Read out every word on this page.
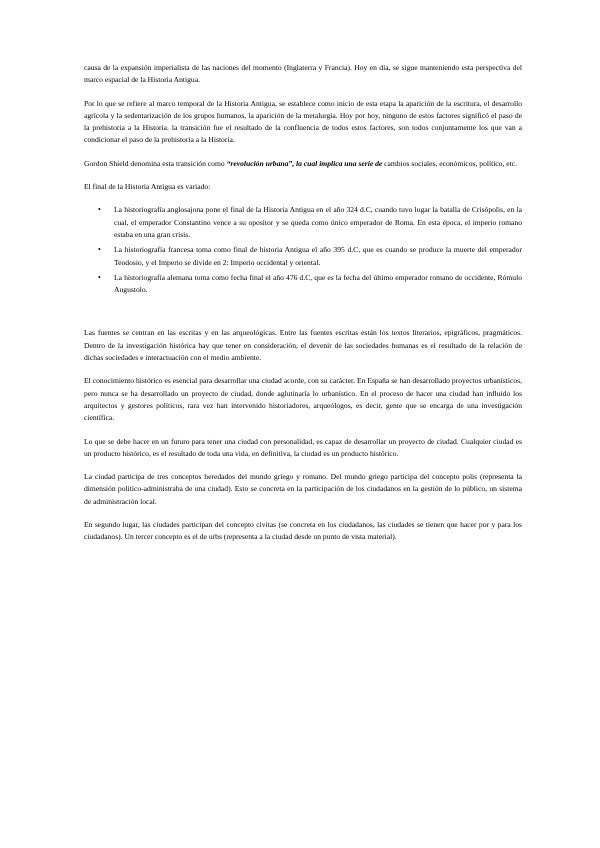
causa de la expansión imperialista de las naciones del momento (Inglaterra y Francia). Hoy en día, se sigue manteniendo esta perspectiva del marco espacial de la Historia Antigua.

Por lo que se refiere al marco temporal de la Historia Antigua, se establece como inicio de esta etapa la aparición de la escritura, el desarrollo agrícola y la sedentarización de los grupos humanos, la aparición de la metalurgia. Hoy por hoy, ninguno de estos factores significó el paso de la prehistoria a la Historia. la transición fue el resultado de la confluencia de todos estos factores, son todos conjuntamente los que van a condicionar el paso de la prehistoria a la Historia.

Gordon Shield denomina esta transición como “revolución urbana”, la cual implica una serie de cambios sociales, económicos, político, etc.

El final de la Historia Antigua es variado:

• La historiografía anglosajona pone el final de la Historia Antigua en el año 324 d.C, cuando tuvo lugar la batalla de Crisópolis, en la cual, el emperador Constantino vence a su opositor y se queda como único emperador de Roma. En esta época, el imperio romano estaba en una gran crisis.
• La historiografía francesa toma como final de historia Antigua el año 395 d.C, que es cuando se produce la muerte del emperador Teodosio, y el Imperio se divide en 2: Imperio occidental y oriental.
• La historiografía alemana toma como fecha final el año 476 d.C, que es la fecha del último emperador romano de occidente, Rómulo Augustolo.

Las fuentes se centran en las escritas y en las arqueológicas. Entre las fuentes escritas están los textos literarios, epigráficos, pragmáticos. Dentro de la investigación histórica hay que tener en consideración, el devenir de las sociedades humanas es el resultado de la relación de dichas sociedades e interactuación con el medio ambiente.

El conocimiento histórico es esencial para desarrollar una ciudad acorde, con su carácter. En España se han desarrollado proyectos urbanísticos, pero nunca se ha desarrollado un proyecto de ciudad, donde aglutinaría lo urbanístico. En el proceso de hacer una ciudad han influido los arquitectos y gestores políticos, rara vez han intervenido historiadores, arqueólogos, es decir, gente que se encarga de una investigación científica.

Lo que se debe hacer en un futuro para tener una ciudad con personalidad, es capaz de desarrollar un proyecto de ciudad. Cualquier ciudad es un producto histórico, es el resultado de toda una vida, en definitiva, la ciudad es un producto histórico.

La ciudad participa de tres conceptos heredados del mundo griego y romano. Del mundo griego participa del concepto polis (representa la dimensión político-administraba de una ciudad). Esto se concreta en la participación de los ciudadanos en la gestión de lo público, un sistema de administración local.

En segundo lugar, las ciudades participan del concepto civitas (se concreta en los ciudadanos, las ciudades se tienen que hacer por y para los ciudadanos). Un tercer concepto es el de urbs (representa a la ciudad desde un punto de vista material).
